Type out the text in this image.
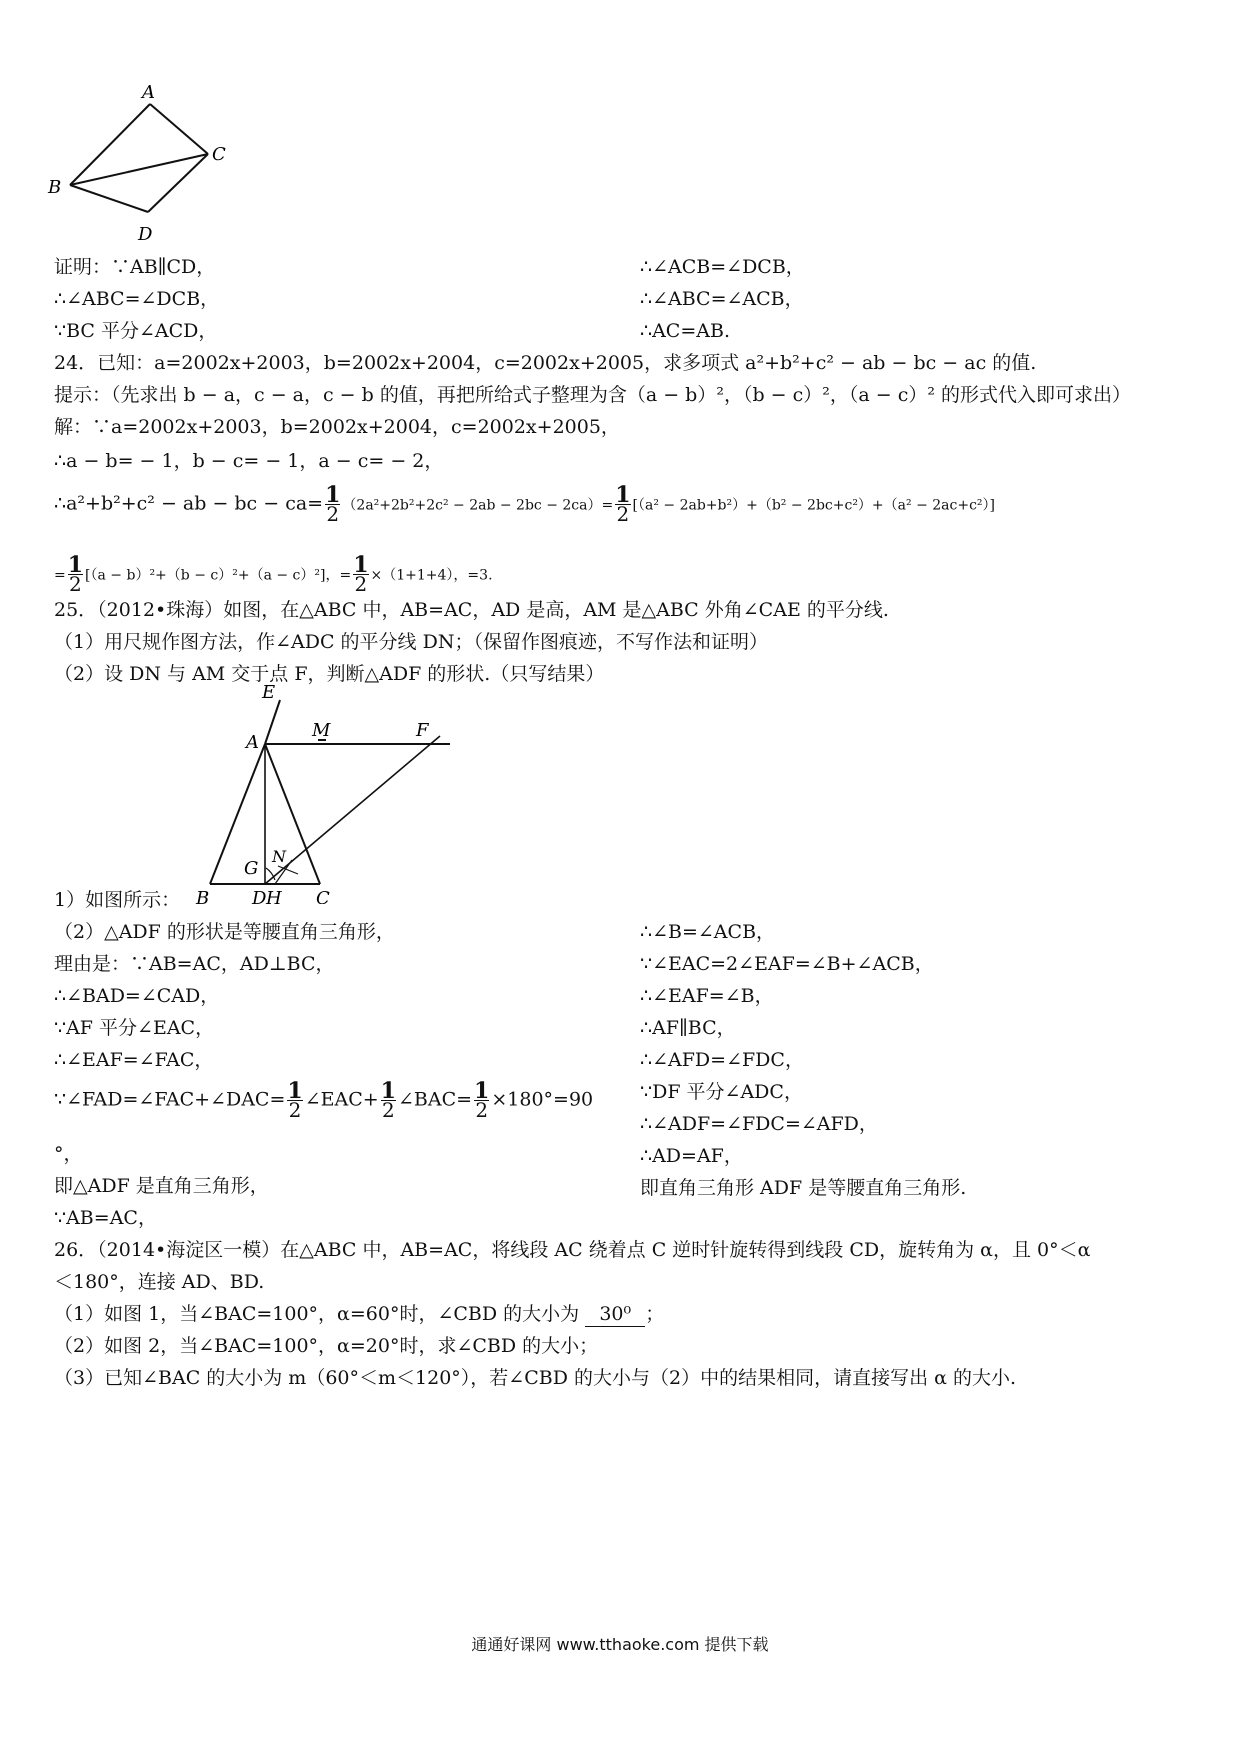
A
B
C
D
证明：∵AB∥CD，
∴∠ABC=∠DCB，
∵BC 平分∠ACD，
∴∠ACB=∠DCB，
∴∠ABC=∠ACB，
∴AC=AB.
24．已知：a=2002x+2003，b=2002x+2004，c=2002x+2005，求多项式 a²+b²+c² − ab − bc − ac 的值.
提示：（先求出 b − a，c − a，c − b 的值，再把所给式子整理为含（a − b）²，（b − c）²，（a − c）² 的形式代入即可求出）
解：∵a=2002x+2003，b=2002x+2004，c=2002x+2005，
∴a − b= − 1，b − c= − 1，a − c= − 2，
∴a²+b²+c² − ab − bc − $ca= \frac{1}{2} (2a^2+2b^2+2c^2 - 2ab - 2bc - 2ca)= \frac{1}{2} [(a^2 - 2ab+b^2)+(b^2 - 2bc+c^2)+(a^2 - 2ac+c^2)]$
= $\frac{1}{2} [(a - b)^2+(b - c)^2+(a - c)^2]$，= $\frac{1}{2} \times(1+1+4)$，=3.
25．（2012•珠海）如图，在△ABC 中，AB=AC，AD 是高，AM 是△ABC 外角∠CAE 的平分线.
（1）用尺规作图方法，作∠ADC 的平分线 DN；（保留作图痕迹，不写作法和证明）
（2）设 DN 与 AM 交于点 F，判断△ADF 的形状.（只写结果）
E
A
M	F
G
N
B D H C
1）如图所示：
（2）△ADF 的形状是等腰直角三角形，
理由是：∵AB=AC，AD⊥BC，
∴∠BAD=∠CAD，
∵AF 平分∠EAC，
∴∠EAF=∠FAC，
∵∠FAD=∠FAC+∠DAC= $\frac{1}{2}$ ∠EAC+ $\frac{1}{2}$ ∠BAC= $\frac{1}{2} \times 180^\circ=90$
°，
即△ADF 是直角三角形，
∵AB=AC，
∴∠B=∠ACB，
∵∠EAC=2∠EAF=∠B+∠ACB，
∴∠EAF=∠B，
∴AF∥BC，
∴∠AFD=∠FDC，
∵DF 平分∠ADC，
∴∠ADF=∠FDC=∠AFD，
∴AD=AF，
即直角三角形 ADF 是等腰直角三角形.
26．（2014•海淀区一模）在△ABC 中，AB=AC，将线段 AC 绕着点 C 逆时针旋转得到线段 CD，旋转角为 α，且 0°＜α
＜180°，连接 AD、BD.
（1）如图 1，当∠BAC=100°，α=60°时，∠CBD 的大小为 30⁰ ；
（2）如图 2，当∠BAC=100°，α=20°时，求∠CBD 的大小；
（3）已知∠BAC 的大小为 m（60°＜m＜120°），若∠CBD 的大小与（2）中的结果相同，请直接写出 α 的大小.
通通好课网 www.tthaoke.com 提供下载
